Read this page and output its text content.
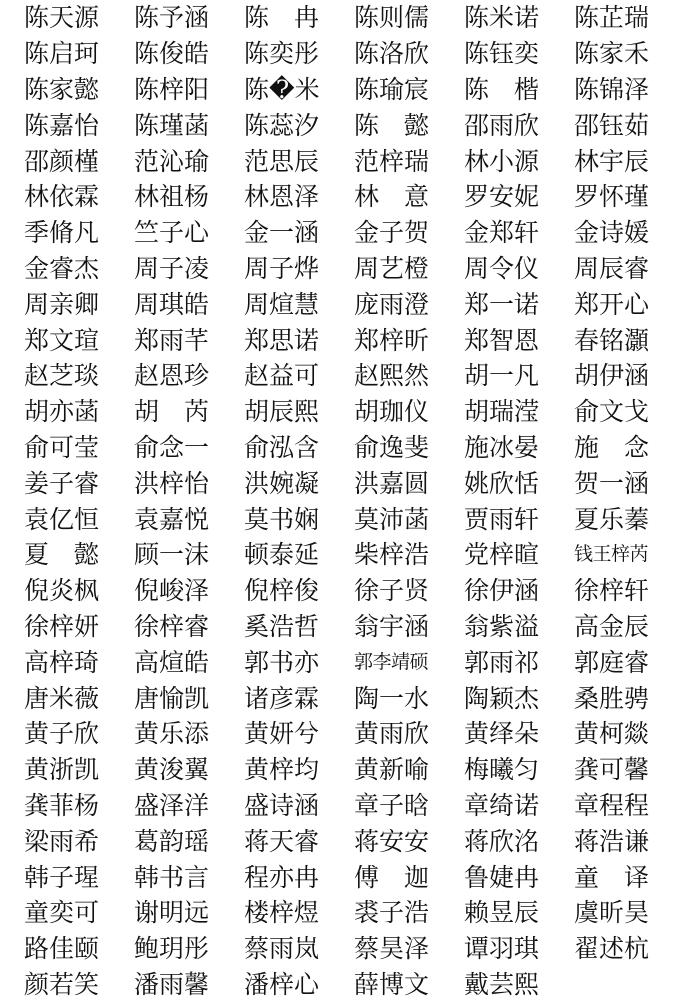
陈天源	陈予涵	陈　冉	陈则儒	陈米诺	陈芷瑞
陈启珂	陈俊皓	陈奕彤	陈洛欣	陈钰奕	陈家禾
陈家懿	陈梓阳	陈�米	陈瑜宸	陈　楷	陈锦泽
陈嘉怡	陈瑾菡	陈蕊汐	陈　懿	邵雨欣	邵钰茹
邵颜槿	范沁瑜	范思辰	范梓瑞	林小源	林宇辰
林依霖	林祖杨	林恩泽	林　意	罗安妮	罗怀瑾
季脩凡	竺子心	金一涵	金子贺	金郑轩	金诗媛
金睿杰	周子凌	周子烨	周艺橙	周令仪	周辰睿
周亲卿	周琪皓	周煊慧	庞雨澄	郑一诺	郑开心
郑文瑄	郑雨芊	郑思诺	郑梓昕	郑智恩	春铭灝
赵芝琰	赵恩珍	赵益可	赵熙然	胡一凡	胡伊涵
胡亦菡	胡　芮	胡辰熙	胡珈仪	胡瑞滢	俞文戈
俞可莹	俞念一	俞泓含	俞逸斐	施冰晏	施　念
姜子睿	洪梓怡	洪婉凝	洪嘉圆	姚欣恬	贺一涵
袁亿恒	袁嘉悦	莫书娴	莫沛菡	贾雨轩	夏乐蓁
夏　懿	顾一沫	顿泰延	柴梓浩	党梓暄	钱王梓芮
倪炎枫	倪峻泽	倪梓俊	徐子贤	徐伊涵	徐梓轩
徐梓妍	徐梓睿	奚浩哲	翁宇涵	翁紫溢	高金辰
高梓琦	高煊皓	郭书亦	郭李靖硕	郭雨祁	郭庭睿
唐米薇	唐愉凯	诸彦霖	陶一水	陶颖杰	桑胜骋
黄子欣	黄乐添	黄妍兮	黄雨欣	黄绎朵	黄柯燚
黄浙凯	黄浚翼	黄梓均	黄新喻	梅曦匀	龚可馨
龚菲杨	盛泽洋	盛诗涵	章子晗	章绮诺	章程程
梁雨希	葛韵瑶	蒋天睿	蒋安安	蒋欣洺	蒋浩谦
韩子瑆	韩书言	程亦冉	傅　迦	鲁婕冉	童　译
童奕可	谢明远	楼梓煜	裘子浩	赖昱辰	虞昕昊
路佳颐	鲍玥彤	蔡雨岚	蔡昊泽	谭羽琪	翟述杭
颜若笑	潘雨馨	潘梓心	薛博文	戴芸熙
